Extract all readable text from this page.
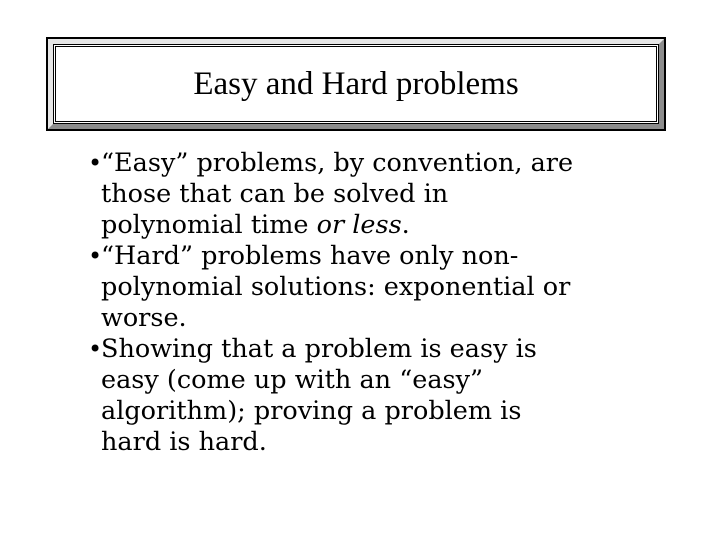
Easy and Hard problems
•
“Easy” problems, by convention, are
those that can be solved in
polynomial time or less.
•
“Hard” problems have only non-
polynomial solutions: exponential or
worse.
•
Showing that a problem is easy is
easy (come up with an “easy”
algorithm); proving a problem is
hard is hard.
